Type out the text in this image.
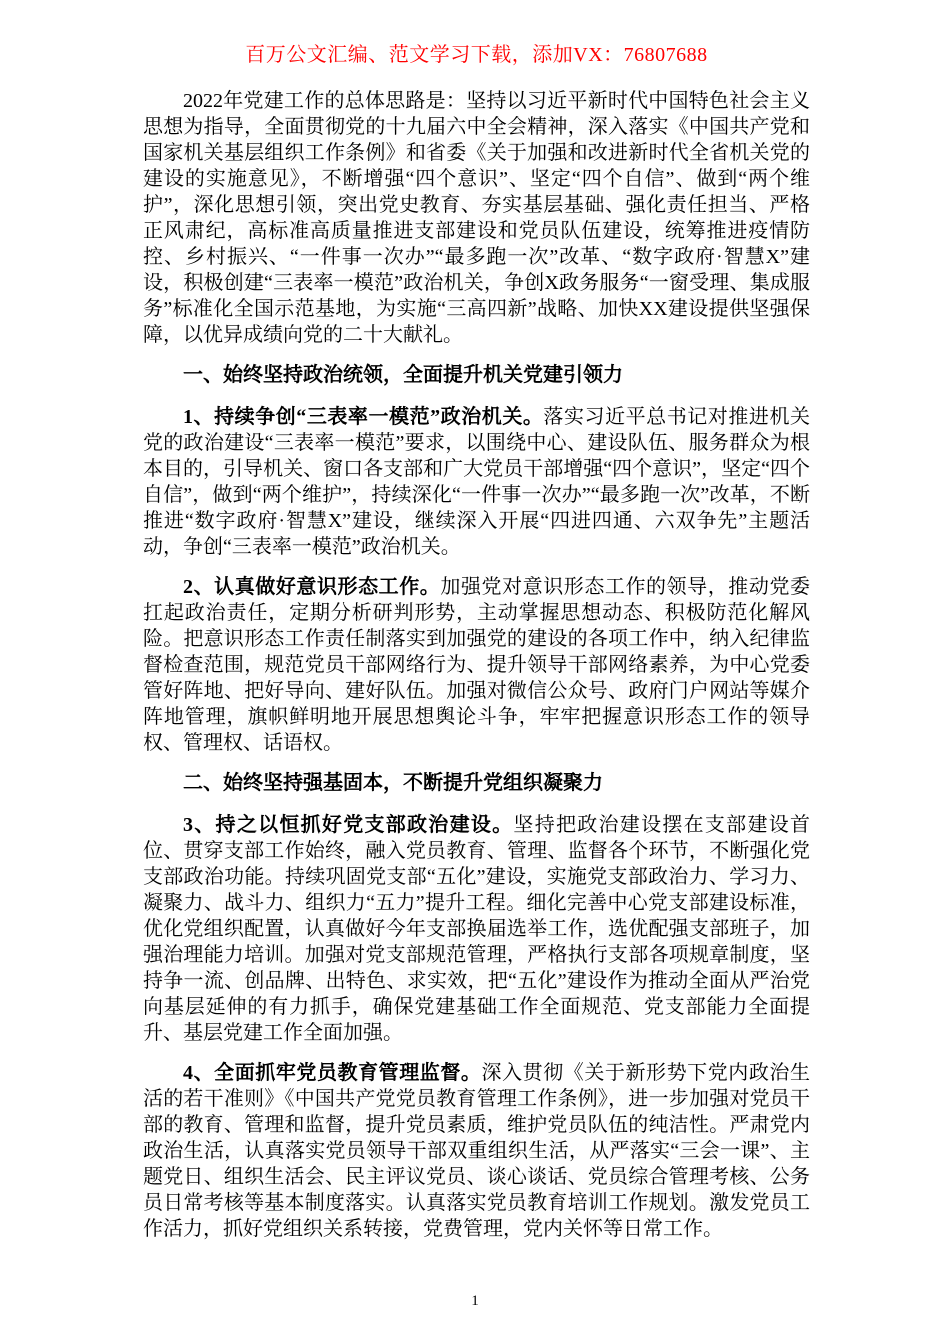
百万公文汇编、范文学习下载，添加VX：76807688

2022年党建工作的总体思路是：坚持以习近平新时代中国特色社会主义思想为指导，全面贯彻党的十九届六中全会精神，深入落实《中国共产党和国家机关基层组织工作条例》和省委《关于加强和改进新时代全省机关党的建设的实施意见》，不断增强“四个意识”、坚定“四个自信”、做到“两个维护”，深化思想引领，突出党史教育、夯实基层基础、强化责任担当、严格正风肃纪，高标准高质量推进支部建设和党员队伍建设，统筹推进疫情防控、乡村振兴、“一件事一次办”“最多跑一次”改革、“数字政府·智慧X”建设，积极创建“三表率一模范”政治机关，争创X政务服务“一窗受理、集成服务”标准化全国示范基地，为实施“三高四新”战略、加快XX建设提供坚强保障，以优异成绩向党的二十大献礼。

一、始终坚持政治统领，全面提升机关党建引领力

1、持续争创“三表率一模范”政治机关。落实习近平总书记对推进机关党的政治建设“三表率一模范”要求，以围绕中心、建设队伍、服务群众为根本目的，引导机关、窗口各支部和广大党员干部增强“四个意识”，坚定“四个自信”，做到“两个维护”，持续深化“一件事一次办”“最多跑一次”改革，不断推进“数字政府·智慧X”建设，继续深入开展“四进四通、六双争先”主题活动，争创“三表率一模范”政治机关。

2、认真做好意识形态工作。加强党对意识形态工作的领导，推动党委扛起政治责任，定期分析研判形势，主动掌握思想动态、积极防范化解风险。把意识形态工作责任制落实到加强党的建设的各项工作中，纳入纪律监督检查范围，规范党员干部网络行为、提升领导干部网络素养，为中心党委管好阵地、把好导向、建好队伍。加强对微信公众号、政府门户网站等媒介阵地管理，旗帜鲜明地开展思想舆论斗争，牢牢把握意识形态工作的领导权、管理权、话语权。

二、始终坚持强基固本，不断提升党组织凝聚力

3、持之以恒抓好党支部政治建设。坚持把政治建设摆在支部建设首位、贯穿支部工作始终，融入党员教育、管理、监督各个环节，不断强化党支部政治功能。持续巩固党支部“五化”建设，实施党支部政治力、学习力、凝聚力、战斗力、组织力“五力”提升工程。细化完善中心党支部建设标准，优化党组织配置，认真做好今年支部换届选举工作，选优配强支部班子，加强治理能力培训。加强对党支部规范管理，严格执行支部各项规章制度，坚持争一流、创品牌、出特色、求实效，把“五化”建设作为推动全面从严治党向基层延伸的有力抓手，确保党建基础工作全面规范、党支部能力全面提升、基层党建工作全面加强。

4、全面抓牢党员教育管理监督。深入贯彻《关于新形势下党内政治生活的若干准则》《中国共产党党员教育管理工作条例》，进一步加强对党员干部的教育、管理和监督，提升党员素质，维护党员队伍的纯洁性。严肃党内政治生活，认真落实党员领导干部双重组织生活，从严落实“三会一课”、主题党日、组织生活会、民主评议党员、谈心谈话、党员综合管理考核、公务员日常考核等基本制度落实。认真落实党员教育培训工作规划。激发党员工作活力，抓好党组织关系转接，党费管理，党内关怀等日常工作。

1
